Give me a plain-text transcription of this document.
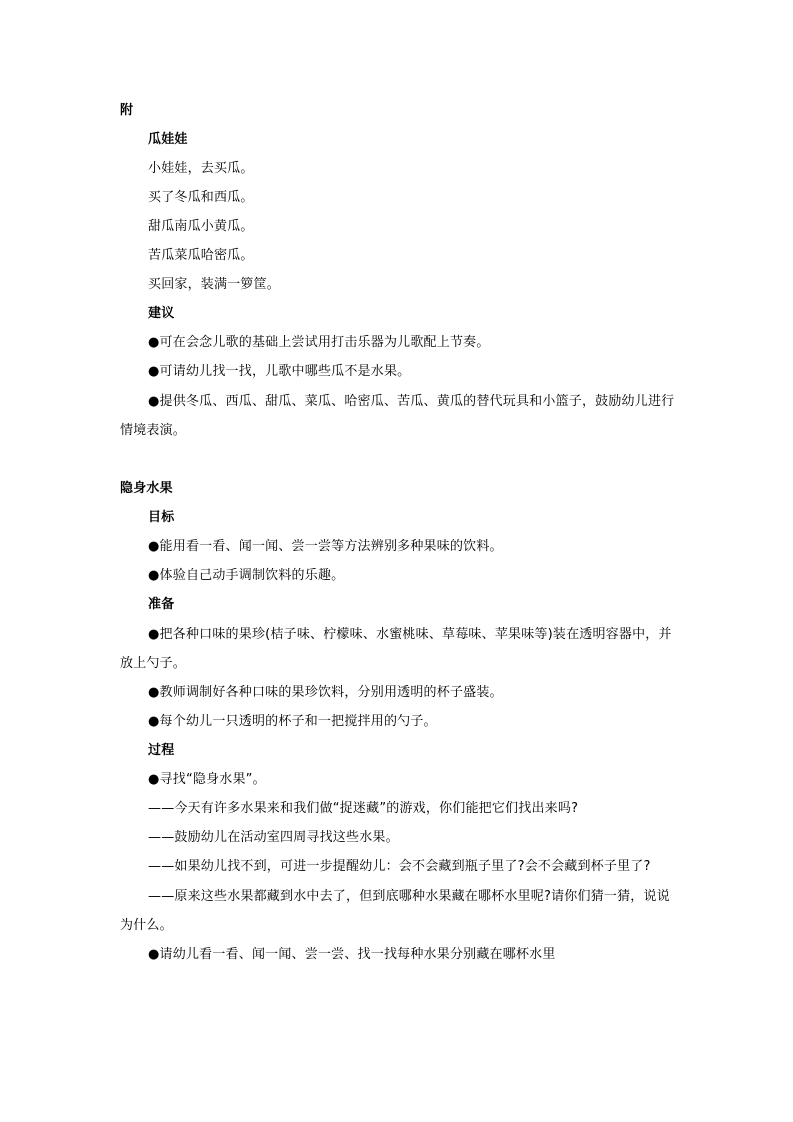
附
瓜娃娃
小娃娃，去买瓜。
买了冬瓜和西瓜。
甜瓜南瓜小黄瓜。
苦瓜菜瓜哈密瓜。
买回家，装满一箩筐。
建议
●可在会念儿歌的基础上尝试用打击乐器为儿歌配上节奏。
●可请幼儿找一找，儿歌中哪些瓜不是水果。
●提供冬瓜、西瓜、甜瓜、菜瓜、哈密瓜、苦瓜、黄瓜的替代玩具和小篮子，鼓励幼儿进行
情境表演。
隐身水果
目标
●能用看一看、闻一闻、尝一尝等方法辨别多种果味的饮料。
●体验自己动手调制饮料的乐趣。
准备
●把各种口味的果珍(桔子味、柠檬味、水蜜桃味、草莓味、苹果味等)装在透明容器中，并
放上勺子。
●教师调制好各种口味的果珍饮料，分别用透明的杯子盛装。
●每个幼儿一只透明的杯子和一把搅拌用的勺子。
过程
●寻找“隐身水果”。
——今天有许多水果来和我们做“捉迷藏”的游戏，你们能把它们找出来吗?
——鼓励幼儿在活动室四周寻找这些水果。
——如果幼儿找不到，可进一步提醒幼儿：会不会藏到瓶子里了?会不会藏到杯子里了?
——原来这些水果都藏到水中去了，但到底哪种水果藏在哪杯水里呢?请你们猜一猜，说说
为什么。
●请幼儿看一看、闻一闻、尝一尝、找一找每种水果分别藏在哪杯水里
